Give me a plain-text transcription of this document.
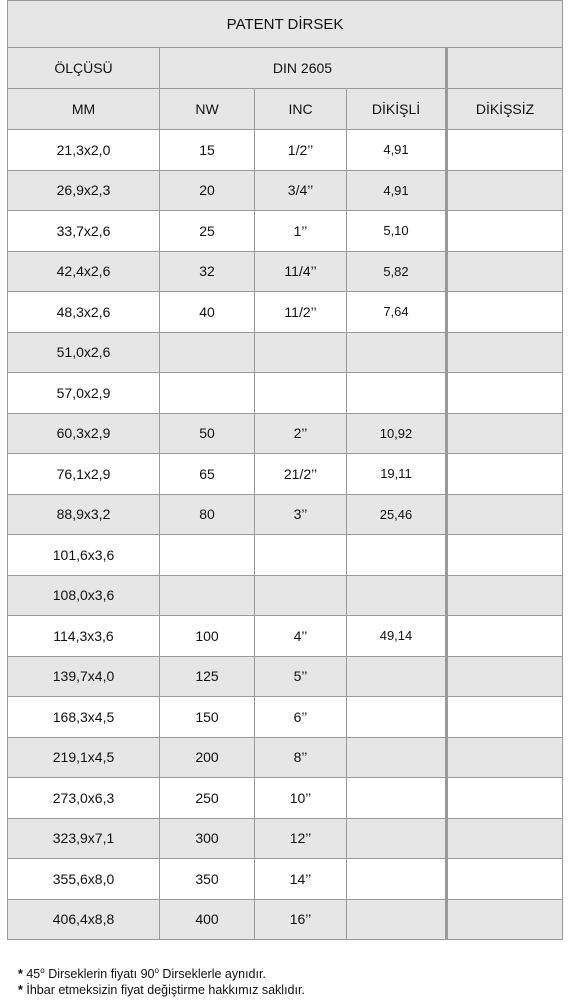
PATENT DİRSEK				
ÖLÇÜSÜ	DIN 2605			
MM	NW	INC	DİKİŞLİ	DİKİŞSİZ
21,3x2,0	15	1/2’’	4,91	
26,9x2,3	20	3/4’’	4,91	
33,7x2,6	25	1’’	5,10	
42,4x2,6	32	11/4’’	5,82	
48,3x2,6	40	11/2’’	7,64	
51,0x2,6				
57,0x2,9				
60,3x2,9	50	2’’	10,92	
76,1x2,9	65	21/2’’	19,11	
88,9x3,2	80	3’’	25,46	
101,6x3,6				
108,0x3,6				
114,3x3,6	100	4’’	49,14	
139,7x4,0	125	5’’		
168,3x4,5	150	6’’		
219,1x4,5	200	8’’		
273,0x6,3	250	10’’		
323,9x7,1	300	12’’		
355,6x8,0	350	14’’		
406,4x8,8	400	16’’		
* 45$^o$ Dirseklerin fiyatı 90$^o$ Dirseklerle aynıdır.
* İhbar etmeksizin fiyat değiştirme hakkımız saklıdır.
